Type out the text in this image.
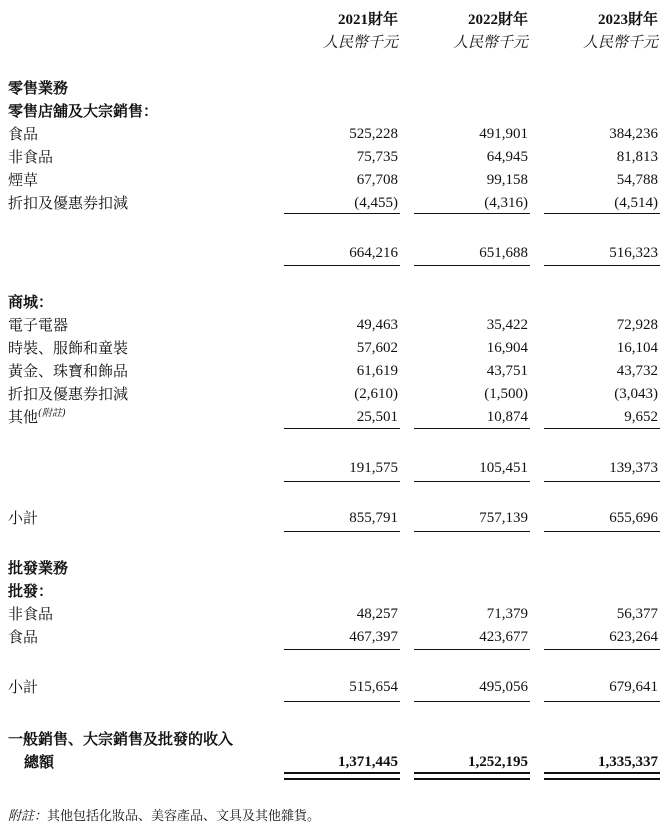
2021財年	2022財年	2023財年
人民幣千元	人民幣千元	人民幣千元
零售業務
零售店舖及大宗銷售：
食品	525,228	491,901	384,236
非食品	75,735	64,945	81,813
煙草	67,708	99,158	54,788
折扣及優惠券扣減	(4,455)	(4,316)	(4,514)
664,216	651,688	516,323
商城：
電子電器	49,463	35,422	72,928
時裝、服飾和童裝	57,602	16,904	16,104
黃金、珠寶和飾品	61,619	43,751	43,732
折扣及優惠券扣減	(2,610)	(1,500)	(3,043)
其他$^{(附註)}$	25,501	10,874	9,652
191,575	105,451	139,373
小計	855,791	757,139	655,696
批發業務
批發：
非食品	48,257	71,379	56,377
食品	467,397	423,677	623,264
小計	515,654	495,056	679,641
一般銷售、大宗銷售及批發的收入
總額	1,371,445	1,252,195	1,335,337
附註：其他包括化妝品、美容產品、文具及其他雜貨。
